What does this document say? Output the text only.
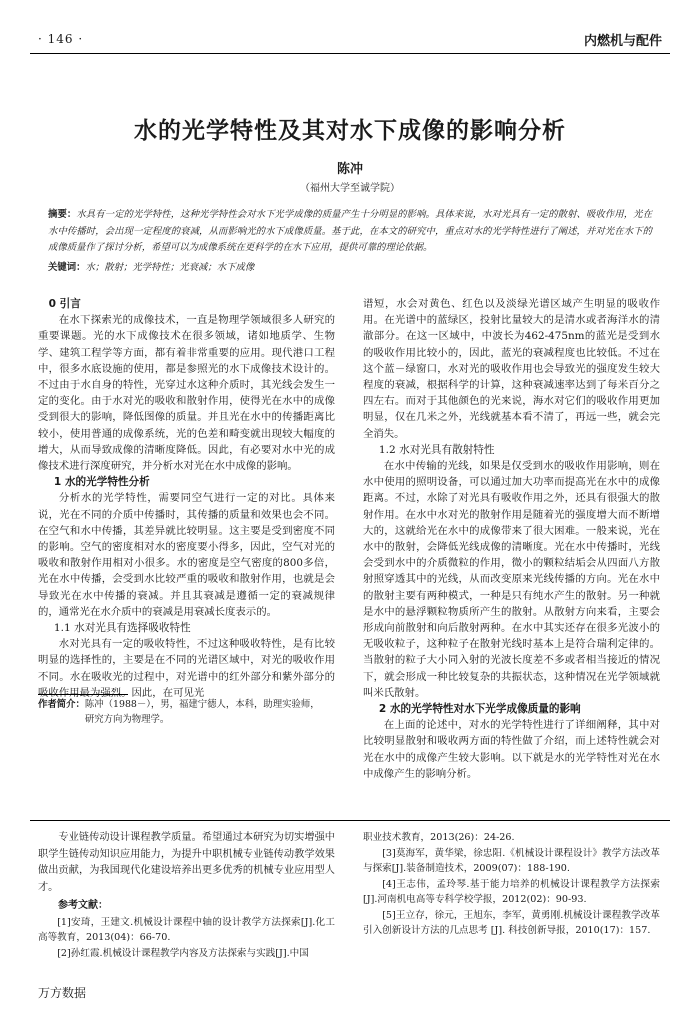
· 146 ·	内燃机与配件
水的光学特性及其对水下成像的影响分析
陈冲
（福州大学至诚学院）
摘要：水具有一定的光学特性，这种光学特性会对水下光学成像的质量产生十分明显的影响。具体来说，水对光具有一定的散射、吸收作用，光在水中传播时，会出现一定程度的衰减，从而影响光的水下成像质量。基于此，在本文的研究中，重点对水的光学特性进行了阐述，并对光在水下的成像质量作了探讨分析，希望可以为成像系统在更科学的在水下应用，提供可靠的理论依据。
关键词：水；散射；光学特性；光衰减；水下成像
0 引言

在水下探索光的成像技术，一直是物理学领域很多人研究的重要课题。光的水下成像技术在很多领域，诸如地质学、生物学、建筑工程学等方面，都有着非常重要的应用。现代港口工程中，很多水底设施的使用，都是参照光的水下成像技术设计的。不过由于水自身的特性，光穿过水这种介质时，其光线会发生一定的变化。由于水对光的吸收和散射作用，使得光在水中的成像受到很大的影响，降低图像的质量。并且光在水中的传播距离比较小，使用普通的成像系统，光的色差和畸变就出现较大幅度的增大，从而导致成像的清晰度降低。因此，有必要对水中光的成像技术进行深度研究，并分析水对光在水中成像的影响。

1 水的光学特性分析

分析水的光学特性，需要同空气进行一定的对比。具体来说，光在不同的介质中传播时，其传播的质量和效果也会不同。在空气和水中传播，其差异就比较明显。这主要是受到密度不同的影响。空气的密度相对水的密度要小得多，因此，空气对光的吸收和散射作用相对小很多。水的密度是空气密度的800多倍，光在水中传播，会受到水比较严重的吸收和散射作用，也就是会导致光在水中传播的衰减。并且其衰减是遵循一定的衰减规律的，通常光在水介质中的衰减是用衰减长度表示的。

1.1 水对光具有选择吸收特性

水对光具有一定的吸收特性，不过这种吸收特性，是有比较明显的选择性的，主要是在不同的光谱区域中，对光的吸收作用不同。水在吸收光的过程中，对光谱中的红外部分和紫外部分的吸收作用最为强烈。因此，在可见光

谱短，水会对黄色、红色以及淡绿光谱区域产生明显的吸收作用。在光谱中的蓝绿区，投射比量较大的是清水或者海洋水的清澈部分。在这一区域中，中波长为462-475nm的蓝光是受到水的吸收作用比较小的，因此，蓝光的衰减程度也比较低。不过在这个蓝－绿窗口，水对光的吸收作用也会导致光的强度发生较大程度的衰减，根据科学的计算，这种衰减速率达到了每米百分之四左右。而对于其他颜色的光来说，海水对它们的吸收作用更加明显，仅在几米之外，光线就基本看不清了，再远一些，就会完全消失。

1.2 水对光具有散射特性

在水中传输的光线，如果是仅受到水的吸收作用影响，则在水中使用的照明设备，可以通过加大功率而提高光在水中的成像距离。不过，水除了对光具有吸收作用之外，还具有很强大的散射作用。在水中水对光的散射作用是随着光的强度增大而不断增大的，这就给光在水中的成像带来了很大困难。一般来说，光在水中的散射，会降低光线成像的清晰度。光在水中传播时，光线会受到水中的介质微粒的作用，微小的颗粒结垢会从四面八方散射照穿透其中的光线，从而改变原来光线传播的方向。光在水中的散射主要有两种模式，一种是只有纯水产生的散射。另一种就是水中的悬浮颗粒物质所产生的散射。从散射方向来看，主要会形成向前散射和向后散射两种。在水中其实还存在很多光波小的无吸收粒子，这种粒子在散射光线时基本上是符合瑞利定律的。当散射的粒子大小同入射的光波长度差不多或者相当接近的情况下，就会形成一种比较复杂的共振状态，这种情况在光学领域就叫米氏散射。

2 水的光学特性对水下光学成像质量的影响

在上面的论述中，对水的光学特性进行了详细阐释，其中对比较明显散射和吸收两方面的特性做了介绍，而上述特性就会对光在水中的成像产生较大影响。以下就是水的光学特性对光在水中成像产生的影响分析。

作者简介：陈冲（1988－），男，福建宁德人，本科，助理实验师，研究方向为物理学。

专业链传动设计课程教学质量。希望通过本研究为切实增强中职学生链传动知识应用能力，为提升中职机械专业链传动教学效果做出贡献，为我国现代化建设培养出更多优秀的机械专业应用型人才。

参考文献：

[1]安琦，王建文.机械设计课程中轴的设计教学方法探索[J].化工高等教育，2013(04)：66-70.

[2]孙红霞.机械设计课程教学内容及方法探索与实践[J].中国

职业技术教育，2013(26)：24-26.

[3]莫海军，黄华梁，徐忠阳.《机械设计课程设计》教学方法改革与探索[J].装备制造技术，2009(07)：188-190.

[4]王志伟，孟玲琴.基于能力培养的机械设计课程教学方法探索[J].河南机电高等专科学校学报，2012(02)：90-93.

[5]王立存，徐元，王旭东，李军，黄勇刚.机械设计课程教学改革引入创新设计方法的几点思考 [J]. 科技创新导报，2010(17)：157.

万方数据
